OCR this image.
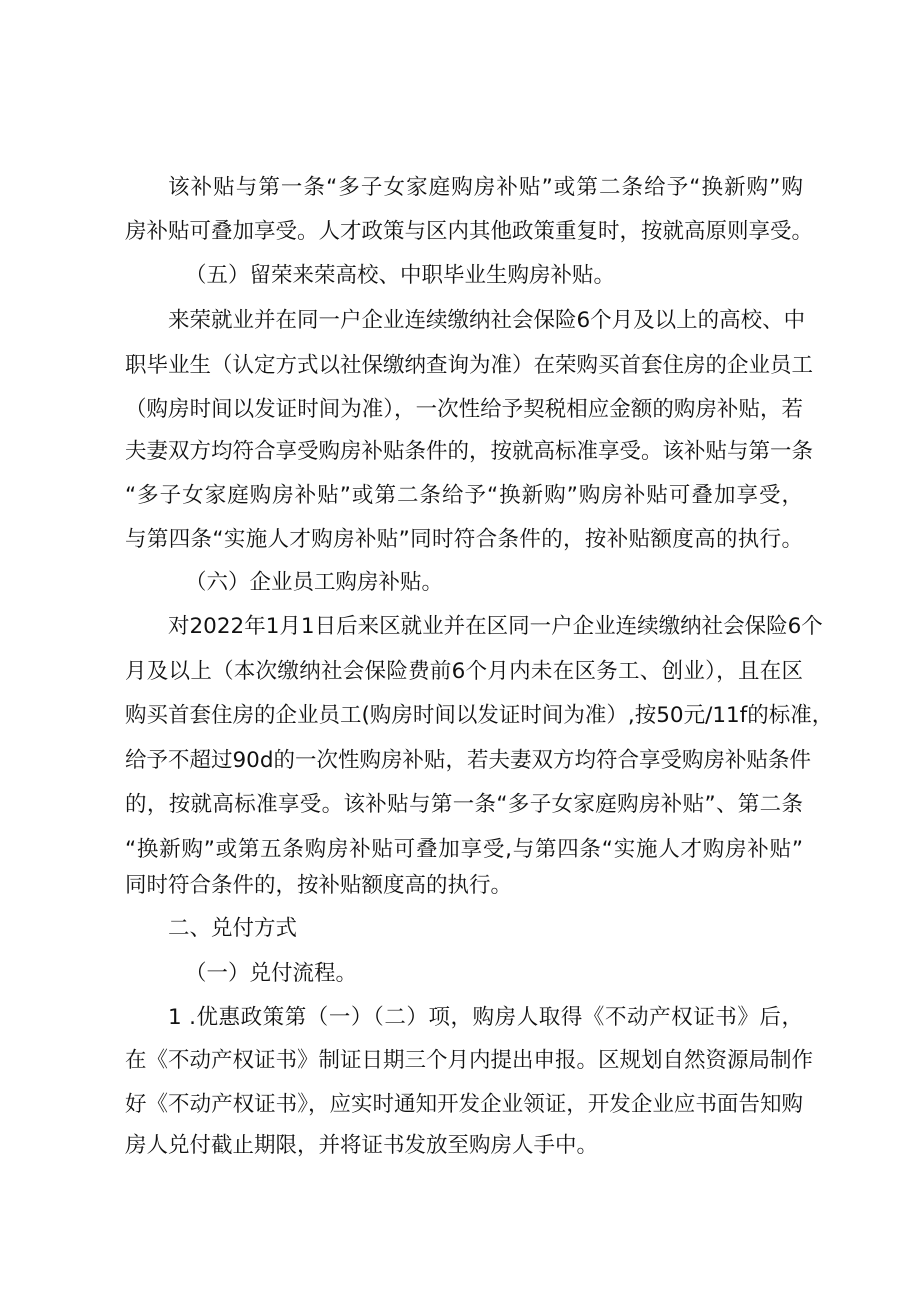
该补贴与第一条“多子女家庭购房补贴”或第二条给予“换新购”购
房补贴可叠加享受。人才政策与区内其他政策重复时，按就高原则享受。
（五）留荣来荣高校、中职毕业生购房补贴。
来荣就业并在同一户企业连续缴纳社会保险6个月及以上的高校、中
职毕业生（认定方式以社保缴纳查询为准）在荣购买首套住房的企业员工
（购房时间以发证时间为准），一次性给予契税相应金额的购房补贴，若
夫妻双方均符合享受购房补贴条件的，按就高标准享受。该补贴与第一条
“多子女家庭购房补贴”或第二条给予“换新购”购房补贴可叠加享受，
与第四条“实施人才购房补贴”同时符合条件的，按补贴额度高的执行。
（六）企业员工购房补贴。
对2022年1月1日后来区就业并在区同一户企业连续缴纳社会保险6个
月及以上（本次缴纳社会保险费前6个月内未在区务工、创业），且在区
购买首套住房的企业员工(购房时间以发证时间为准）,按50元/11f的标准，
给予不超过90d的一次性购房补贴，若夫妻双方均符合享受购房补贴条件
的，按就高标准享受。该补贴与第一条“多子女家庭购房补贴”、第二条
“换新购”或第五条购房补贴可叠加享受,与第四条“实施人才购房补贴”
同时符合条件的，按补贴额度高的执行。
二、兑付方式
（一）兑付流程。
1 .优惠政策第（一）（二）项，购房人取得《不动产权证书》后，
在《不动产权证书》制证日期三个月内提出申报。区规划自然资源局制作
好《不动产权证书》，应实时通知开发企业领证，开发企业应书面告知购
房人兑付截止期限，并将证书发放至购房人手中。
